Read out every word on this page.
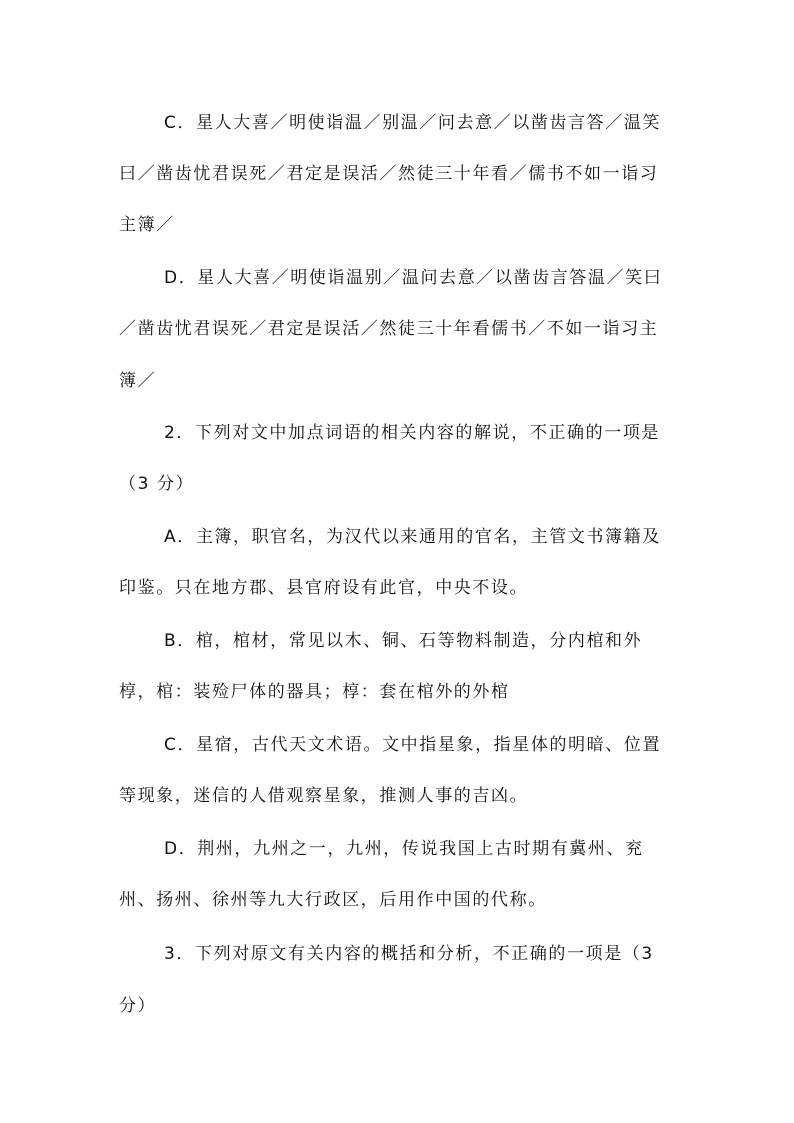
C．星人大喜／明使诣温／别温／问去意／以凿齿言答／温笑
曰／凿齿忧君误死／君定是误活／然徒三十年看／儒书不如一诣习
主簿／
D．星人大喜／明使诣温别／温问去意／以凿齿言答温／笑曰
／凿齿忧君误死／君定是误活／然徒三十年看儒书／不如一诣习主
簿／
2．下列对文中加点词语的相关内容的解说，不正确的一项是
（3 分）
A．主簿，职官名，为汉代以来通用的官名，主管文书簿籍及
印鉴。只在地方郡、县官府设有此官，中央不设。
B．棺，棺材，常见以木、铜、石等物料制造，分内棺和外
椁，棺：装殓尸体的器具；椁：套在棺外的外棺
C．星宿，古代天文术语。文中指星象，指星体的明暗、位置
等现象，迷信的人借观察星象，推测人事的吉凶。
D．荆州，九州之一，九州，传说我国上古时期有冀州、兖
州、扬州、徐州等九大行政区，后用作中国的代称。
3．下列对原文有关内容的概括和分析，不正确的一项是（3
分）
